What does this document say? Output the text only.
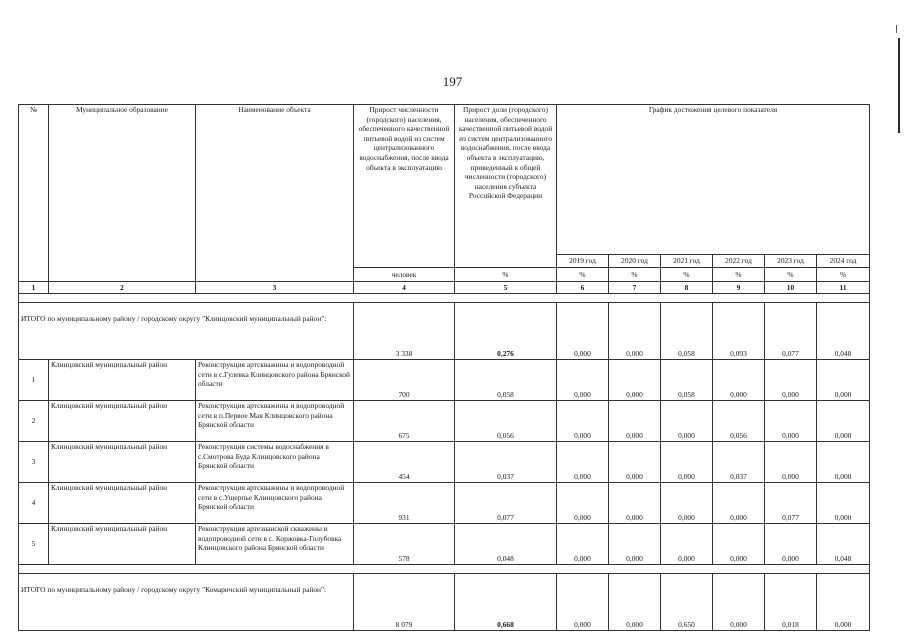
197
№	Муниципальное образование	Наименование объекта	Прирост численности (городского) населения, обеспеченного качественной питьевой водой из систем централизованного водоснабжения, после ввода объекта в эксплуатацию	Прирост доли (городского) населения, обеспеченного качественной питьевой водой из систем централизованного водоснабжения, после ввода объекта в эксплуатацию, приведенный к общей численности (городского) населения субъекта Российской Федерации	График достижения целевого показателя					
					2019 год	2020 год	2021 год	2022 год	2023 год	2024 год
			человек	%	%	%	%	%	%	%
1	2	3	4	5	6	7	8	9	10	11

ИТОГО по муниципальному району / городскому округу "Клинцовский муниципальный район":			3 338	0,276	0,000	0,000	0,058	0,093	0,077	0,048
1	Клинцовский муниципальный район	Реконструкция артскважины и водопроводной сети в с.Гулевка Клинцовского района Брянской области	700	0,058	0,000	0,000	0,058	0,000	0,000	0,000
2	Клинцовский муниципальный район	Реконструкция артскважины и водопроводной сети в п.Первое Мая Клинцовского района Брянской области	675	0,056	0,000	0,000	0,000	0,056	0,000	0,000
3	Клинцовский муниципальный район	Реконструкция системы водоснабжения в с.Смотрова Буда Клинцовского района Брянской области	454	0,037	0,000	0,000	0,000	0,037	0,000	0,000
4	Клинцовский муниципальный район	Реконструкция артскважины и водопроводной сети в с.Ущерпье Клинцовского района Брянской области	931	0,077	0,000	0,000	0,000	0,000	0,077	0,000
5	Клинцовский муниципальный район	Реконструкция артезианской скважины и водопроводной сети в с. Коржовка-Голубовка Клинцовского района Брянской области	578	0,048	0,000	0,000	0,000	0,000	0,000	0,048

ИТОГО по муниципальному району / городскому округу "Комаричский муниципальный район":			8 079	0,668	0,000	0,000	0,650	0,000	0,018	0,000
